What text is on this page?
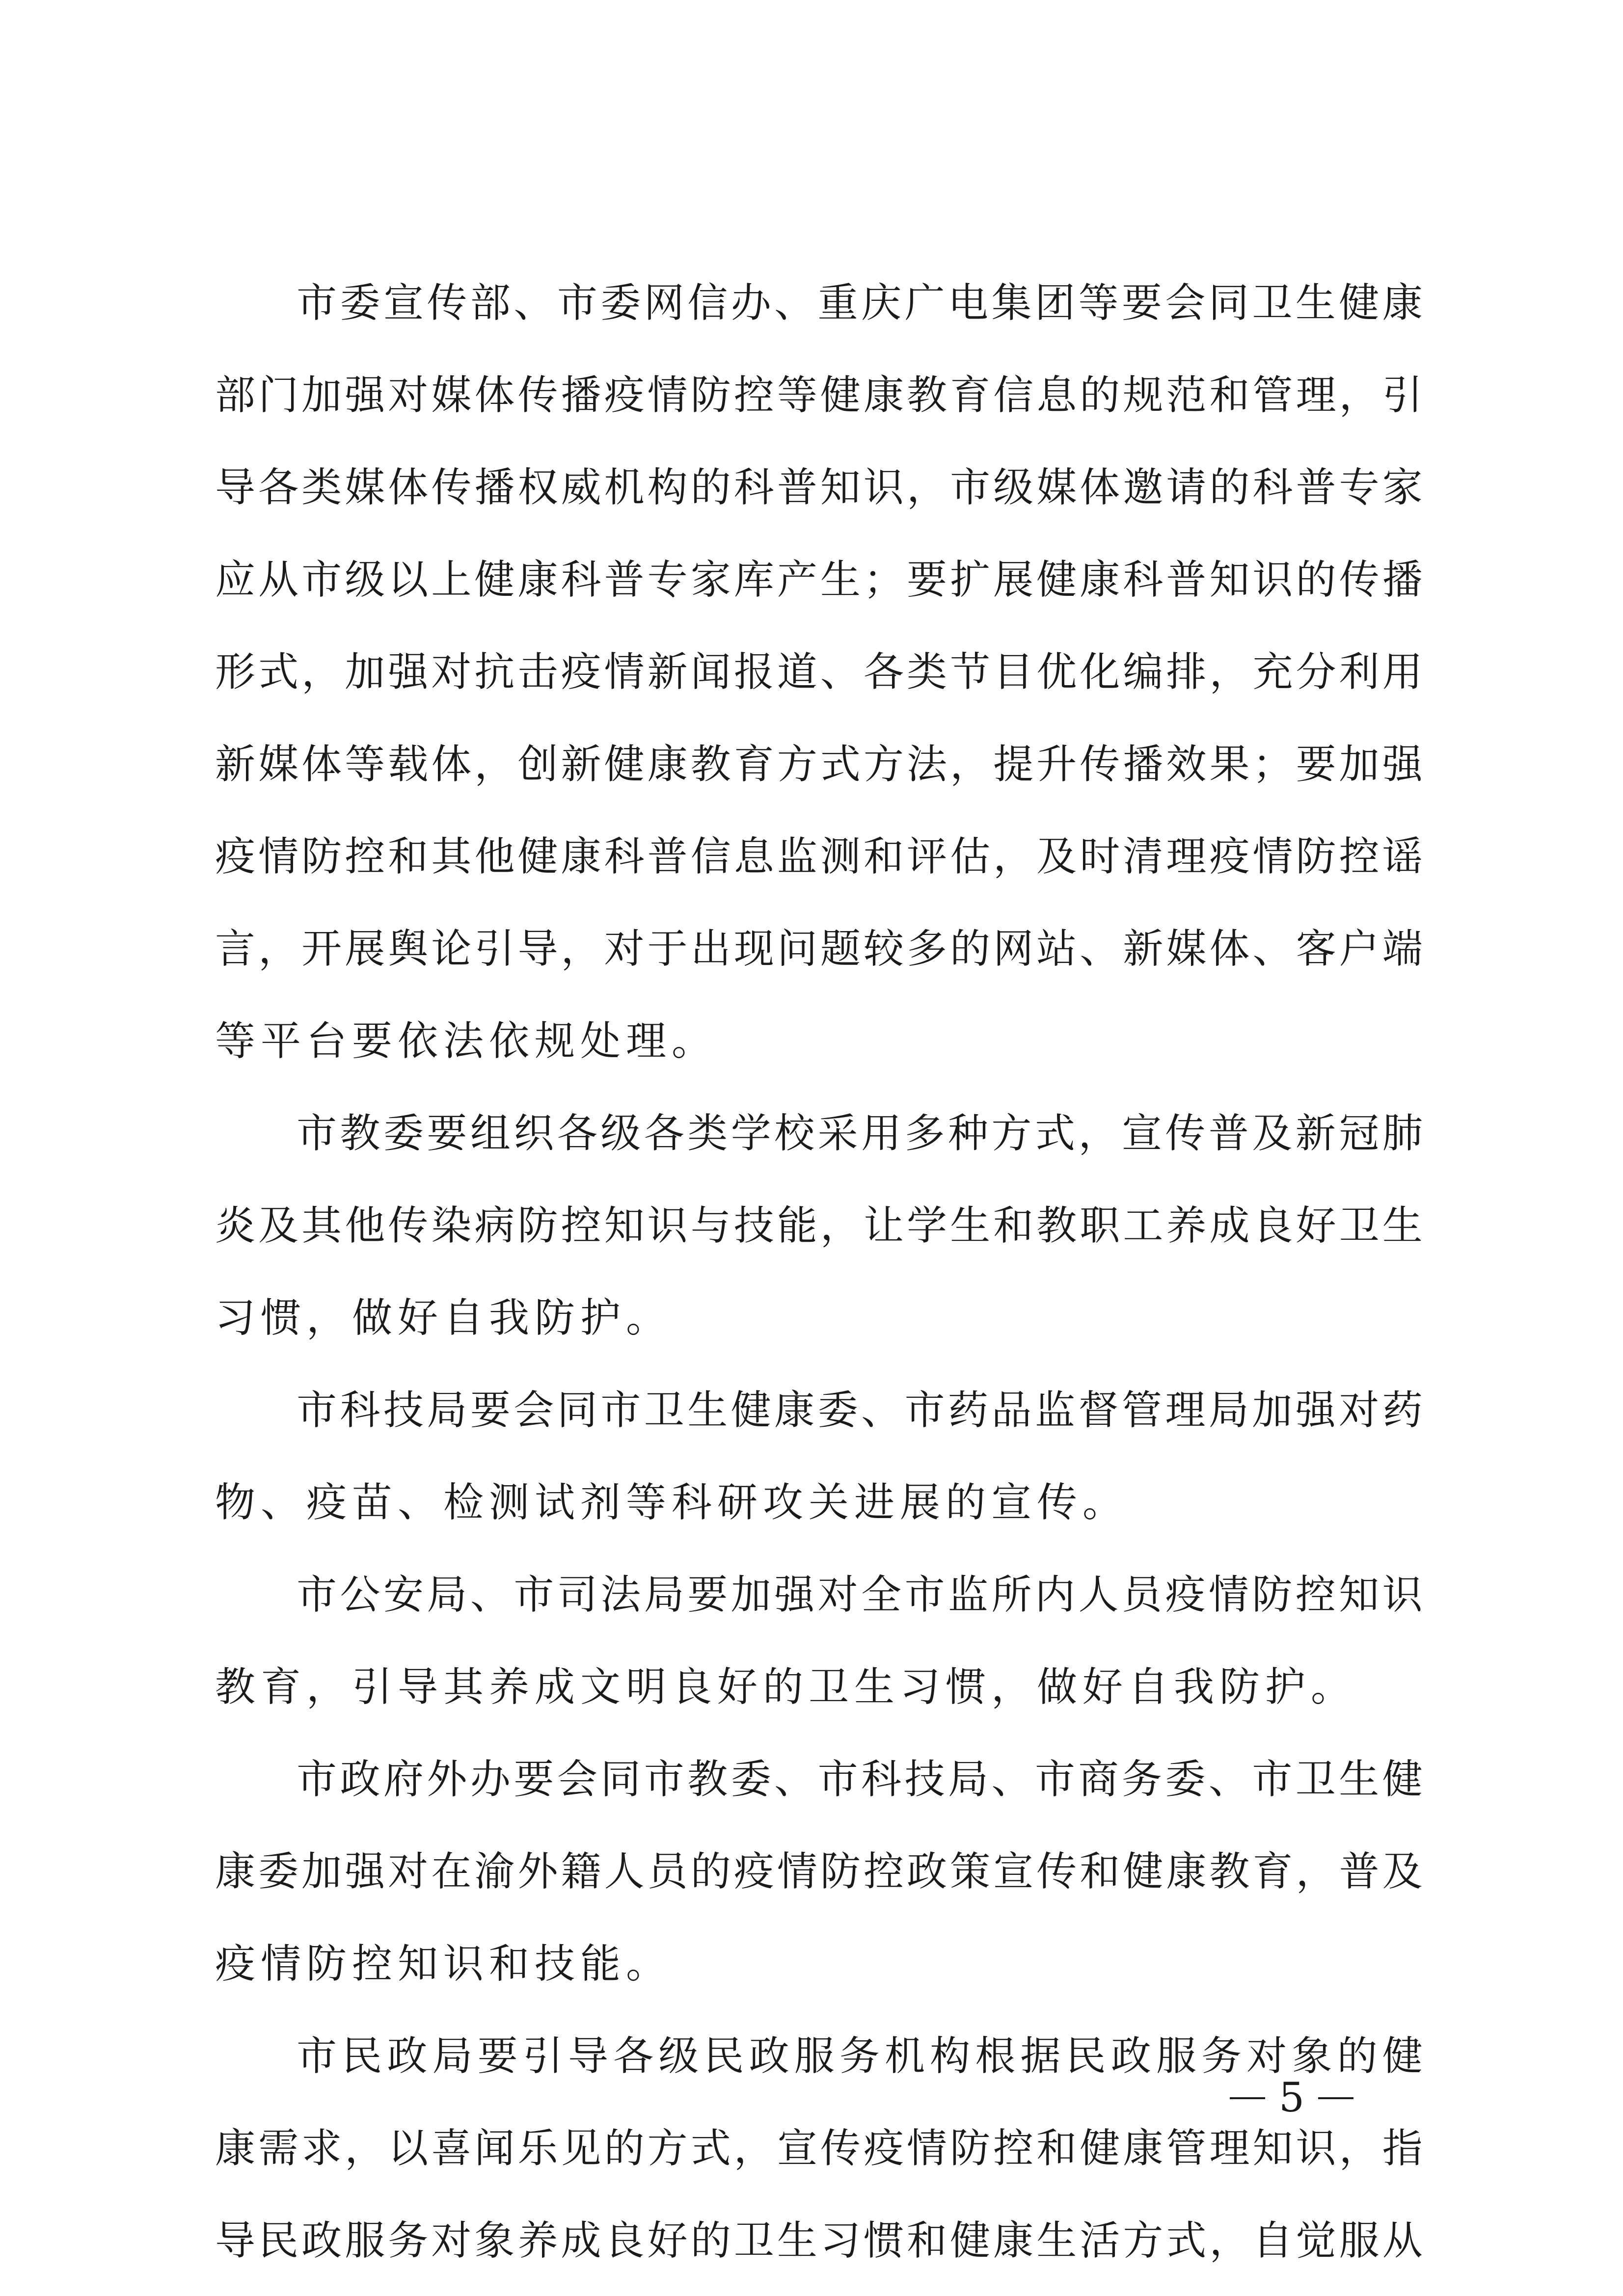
市 委 宣 传 部 、 市 委 网 信 办 、 重 庆 广 电 集 团 等 要 会 同 卫 生 健 康
部 门 加 强 对 媒 体 传 播 疫 情 防 控 等 健 康 教 育 信 息 的 规 范 和 管 理 ， 引
导 各 类 媒 体 传 播 权 威 机 构 的 科 普 知 识 ， 市 级 媒 体 邀 请 的 科 普 专 家
应 从 市 级 以 上 健 康 科 普 专 家 库 产 生 ； 要 扩 展 健 康 科 普 知 识 的 传 播
形 式 ， 加 强 对 抗 击 疫 情 新 闻 报 道 、 各 类 节 目 优 化 编 排 ， 充 分 利 用
新 媒 体 等 载 体 ， 创 新 健 康 教 育 方 式 方 法 ， 提 升 传 播 效 果 ； 要 加 强
疫 情 防 控 和 其 他 健 康 科 普 信 息 监 测 和 评 估 ， 及 时 清 理 疫 情 防 控 谣
言 ， 开 展 舆 论 引 导 ， 对 于 出 现 问 题 较 多 的 网 站 、 新 媒 体 、 客 户 端
等平台要依法依规处理。
市 教 委 要 组 织 各 级 各 类 学 校 采 用 多 种 方 式 ， 宣 传 普 及 新 冠 肺
炎 及 其 他 传 染 病 防 控 知 识 与 技 能 ， 让 学 生 和 教 职 工 养 成 良 好 卫 生
习惯，做好自我防护。
市 科 技 局 要 会 同 市 卫 生 健 康 委 、 市 药 品 监 督 管 理 局 加 强 对 药
物、疫苗、检测试剂等科研攻关进展的宣传。
市 公 安 局 、 市 司 法 局 要 加 强 对 全 市 监 所 内 人 员 疫 情 防 控 知 识
教育，引导其养成文明良好的卫生习惯，做好自我防护。
市 政 府 外 办 要 会 同 市 教 委 、 市 科 技 局 、 市 商 务 委 、 市 卫 生 健
康 委 加 强 对 在 渝 外 籍 人 员 的 疫 情 防 控 政 策 宣 传 和 健 康 教 育 ， 普 及
疫情防控知识和技能。
市 民 政 局 要 引 导 各 级 民 政 服 务 机 构 根 据 民 政 服 务 对 象 的 健
康 需 求 ， 以 喜 闻 乐 见 的 方 式 ， 宣 传 疫 情 防 控 和 健 康 管 理 知 识 ， 指
导 民 政 服 务 对 象 养 成 良 好 的 卫 生 习 惯 和 健 康 生 活 方 式 ， 自 觉 服 从
5
